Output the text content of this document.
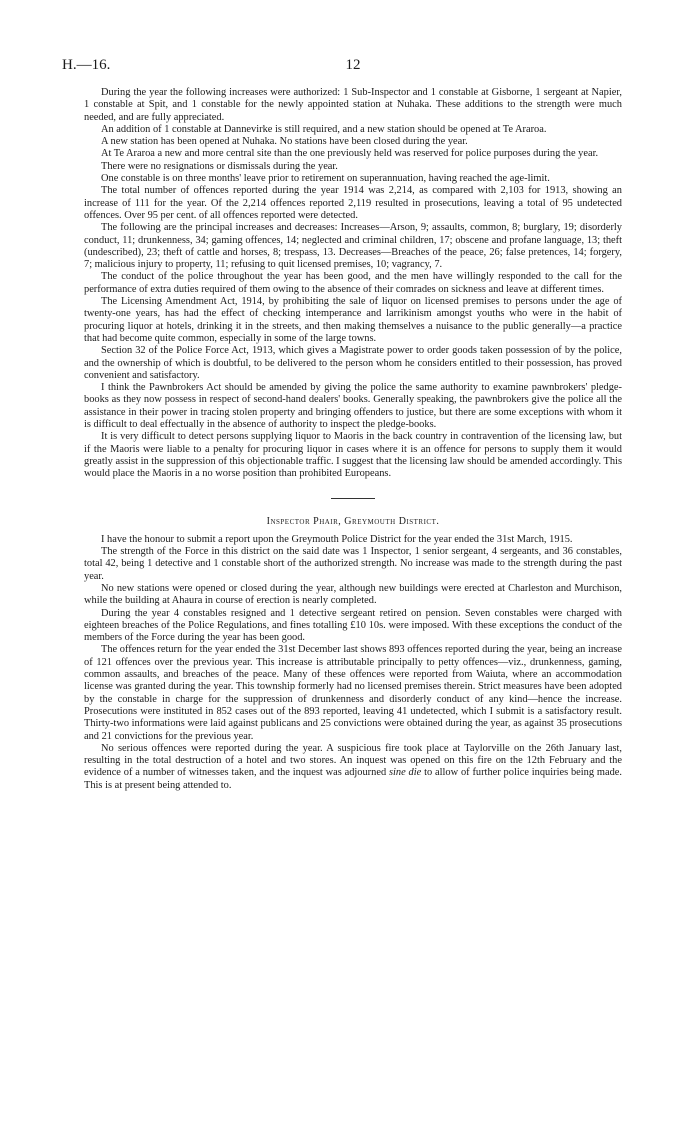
H.—16.	12

During the year the following increases were authorized: 1 Sub-Inspector and 1 constable at Gisborne, 1 sergeant at Napier, 1 constable at Spit, and 1 constable for the newly appointed station at Nuhaka. These additions to the strength were much needed, and are fully appreciated.

An addition of 1 constable at Dannevirke is still required, and a new station should be opened at Te Araroa.

A new station has been opened at Nuhaka. No stations have been closed during the year.

At Te Araroa a new and more central site than the one previously held was reserved for police purposes during the year.

There were no resignations or dismissals during the year.

One constable is on three months' leave prior to retirement on superannuation, having reached the age-limit.

The total number of offences reported during the year 1914 was 2,214, as compared with 2,103 for 1913, showing an increase of 111 for the year. Of the 2,214 offences reported 2,119 resulted in prosecutions, leaving a total of 95 undetected offences. Over 95 per cent. of all offences reported were detected.

The following are the principal increases and decreases: Increases—Arson, 9; assaults, common, 8; burglary, 19; disorderly conduct, 11; drunkenness, 34; gaming offences, 14; neglected and criminal children, 17; obscene and profane language, 13; theft (undescribed), 23; theft of cattle and horses, 8; trespass, 13. Decreases—Breaches of the peace, 26; false pretences, 14; forgery, 7; malicious injury to property, 11; refusing to quit licensed premises, 10; vagrancy, 7.

The conduct of the police throughout the year has been good, and the men have willingly responded to the call for the performance of extra duties required of them owing to the absence of their comrades on sickness and leave at different times.

The Licensing Amendment Act, 1914, by prohibiting the sale of liquor on licensed premises to persons under the age of twenty-one years, has had the effect of checking intemperance and larrikinism amongst youths who were in the habit of procuring liquor at hotels, drinking it in the streets, and then making themselves a nuisance to the public generally—a practice that had become quite common, especially in some of the large towns.

Section 32 of the Police Force Act, 1913, which gives a Magistrate power to order goods taken possession of by the police, and the ownership of which is doubtful, to be delivered to the person whom he considers entitled to their possession, has proved convenient and satisfactory.

I think the Pawnbrokers Act should be amended by giving the police the same authority to examine pawnbrokers' pledge-books as they now possess in respect of second-hand dealers' books. Generally speaking, the pawnbrokers give the police all the assistance in their power in tracing stolen property and bringing offenders to justice, but there are some exceptions with whom it is difficult to deal effectually in the absence of authority to inspect the pledge-books.

It is very difficult to detect persons supplying liquor to Maoris in the back country in contravention of the licensing law, but if the Maoris were liable to a penalty for procuring liquor in cases where it is an offence for persons to supply them it would greatly assist in the suppression of this objectionable traffic. I suggest that the licensing law should be amended accordingly. This would place the Maoris in a no worse position than prohibited Europeans.

Inspector Phair, Greymouth District.

I have the honour to submit a report upon the Greymouth Police District for the year ended the 31st March, 1915.

The strength of the Force in this district on the said date was 1 Inspector, 1 senior sergeant, 4 sergeants, and 36 constables, total 42, being 1 detective and 1 constable short of the authorized strength. No increase was made to the strength during the past year.

No new stations were opened or closed during the year, although new buildings were erected at Charleston and Murchison, while the building at Ahaura in course of erection is nearly completed.

During the year 4 constables resigned and 1 detective sergeant retired on pension. Seven constables were charged with eighteen breaches of the Police Regulations, and fines totalling £10 10s. were imposed. With these exceptions the conduct of the members of the Force during the year has been good.

The offences return for the year ended the 31st December last shows 893 offences reported during the year, being an increase of 121 offences over the previous year. This increase is attributable principally to petty offences—viz., drunkenness, gaming, common assaults, and breaches of the peace. Many of these offences were reported from Waiuta, where an accommodation license was granted during the year. This township formerly had no licensed premises therein. Strict measures have been adopted by the constable in charge for the suppression of drunkenness and disorderly conduct of any kind—hence the increase. Prosecutions were instituted in 852 cases out of the 893 reported, leaving 41 undetected, which I submit is a satisfactory result. Thirty-two informations were laid against publicans and 25 convictions were obtained during the year, as against 35 prosecutions and 21 convictions for the previous year.

No serious offences were reported during the year. A suspicious fire took place at Taylorville on the 26th January last, resulting in the total destruction of a hotel and two stores. An inquest was opened on this fire on the 12th February and the evidence of a number of witnesses taken, and the inquest was adjourned sine die to allow of further police inquiries being made. This is at present being attended to.
